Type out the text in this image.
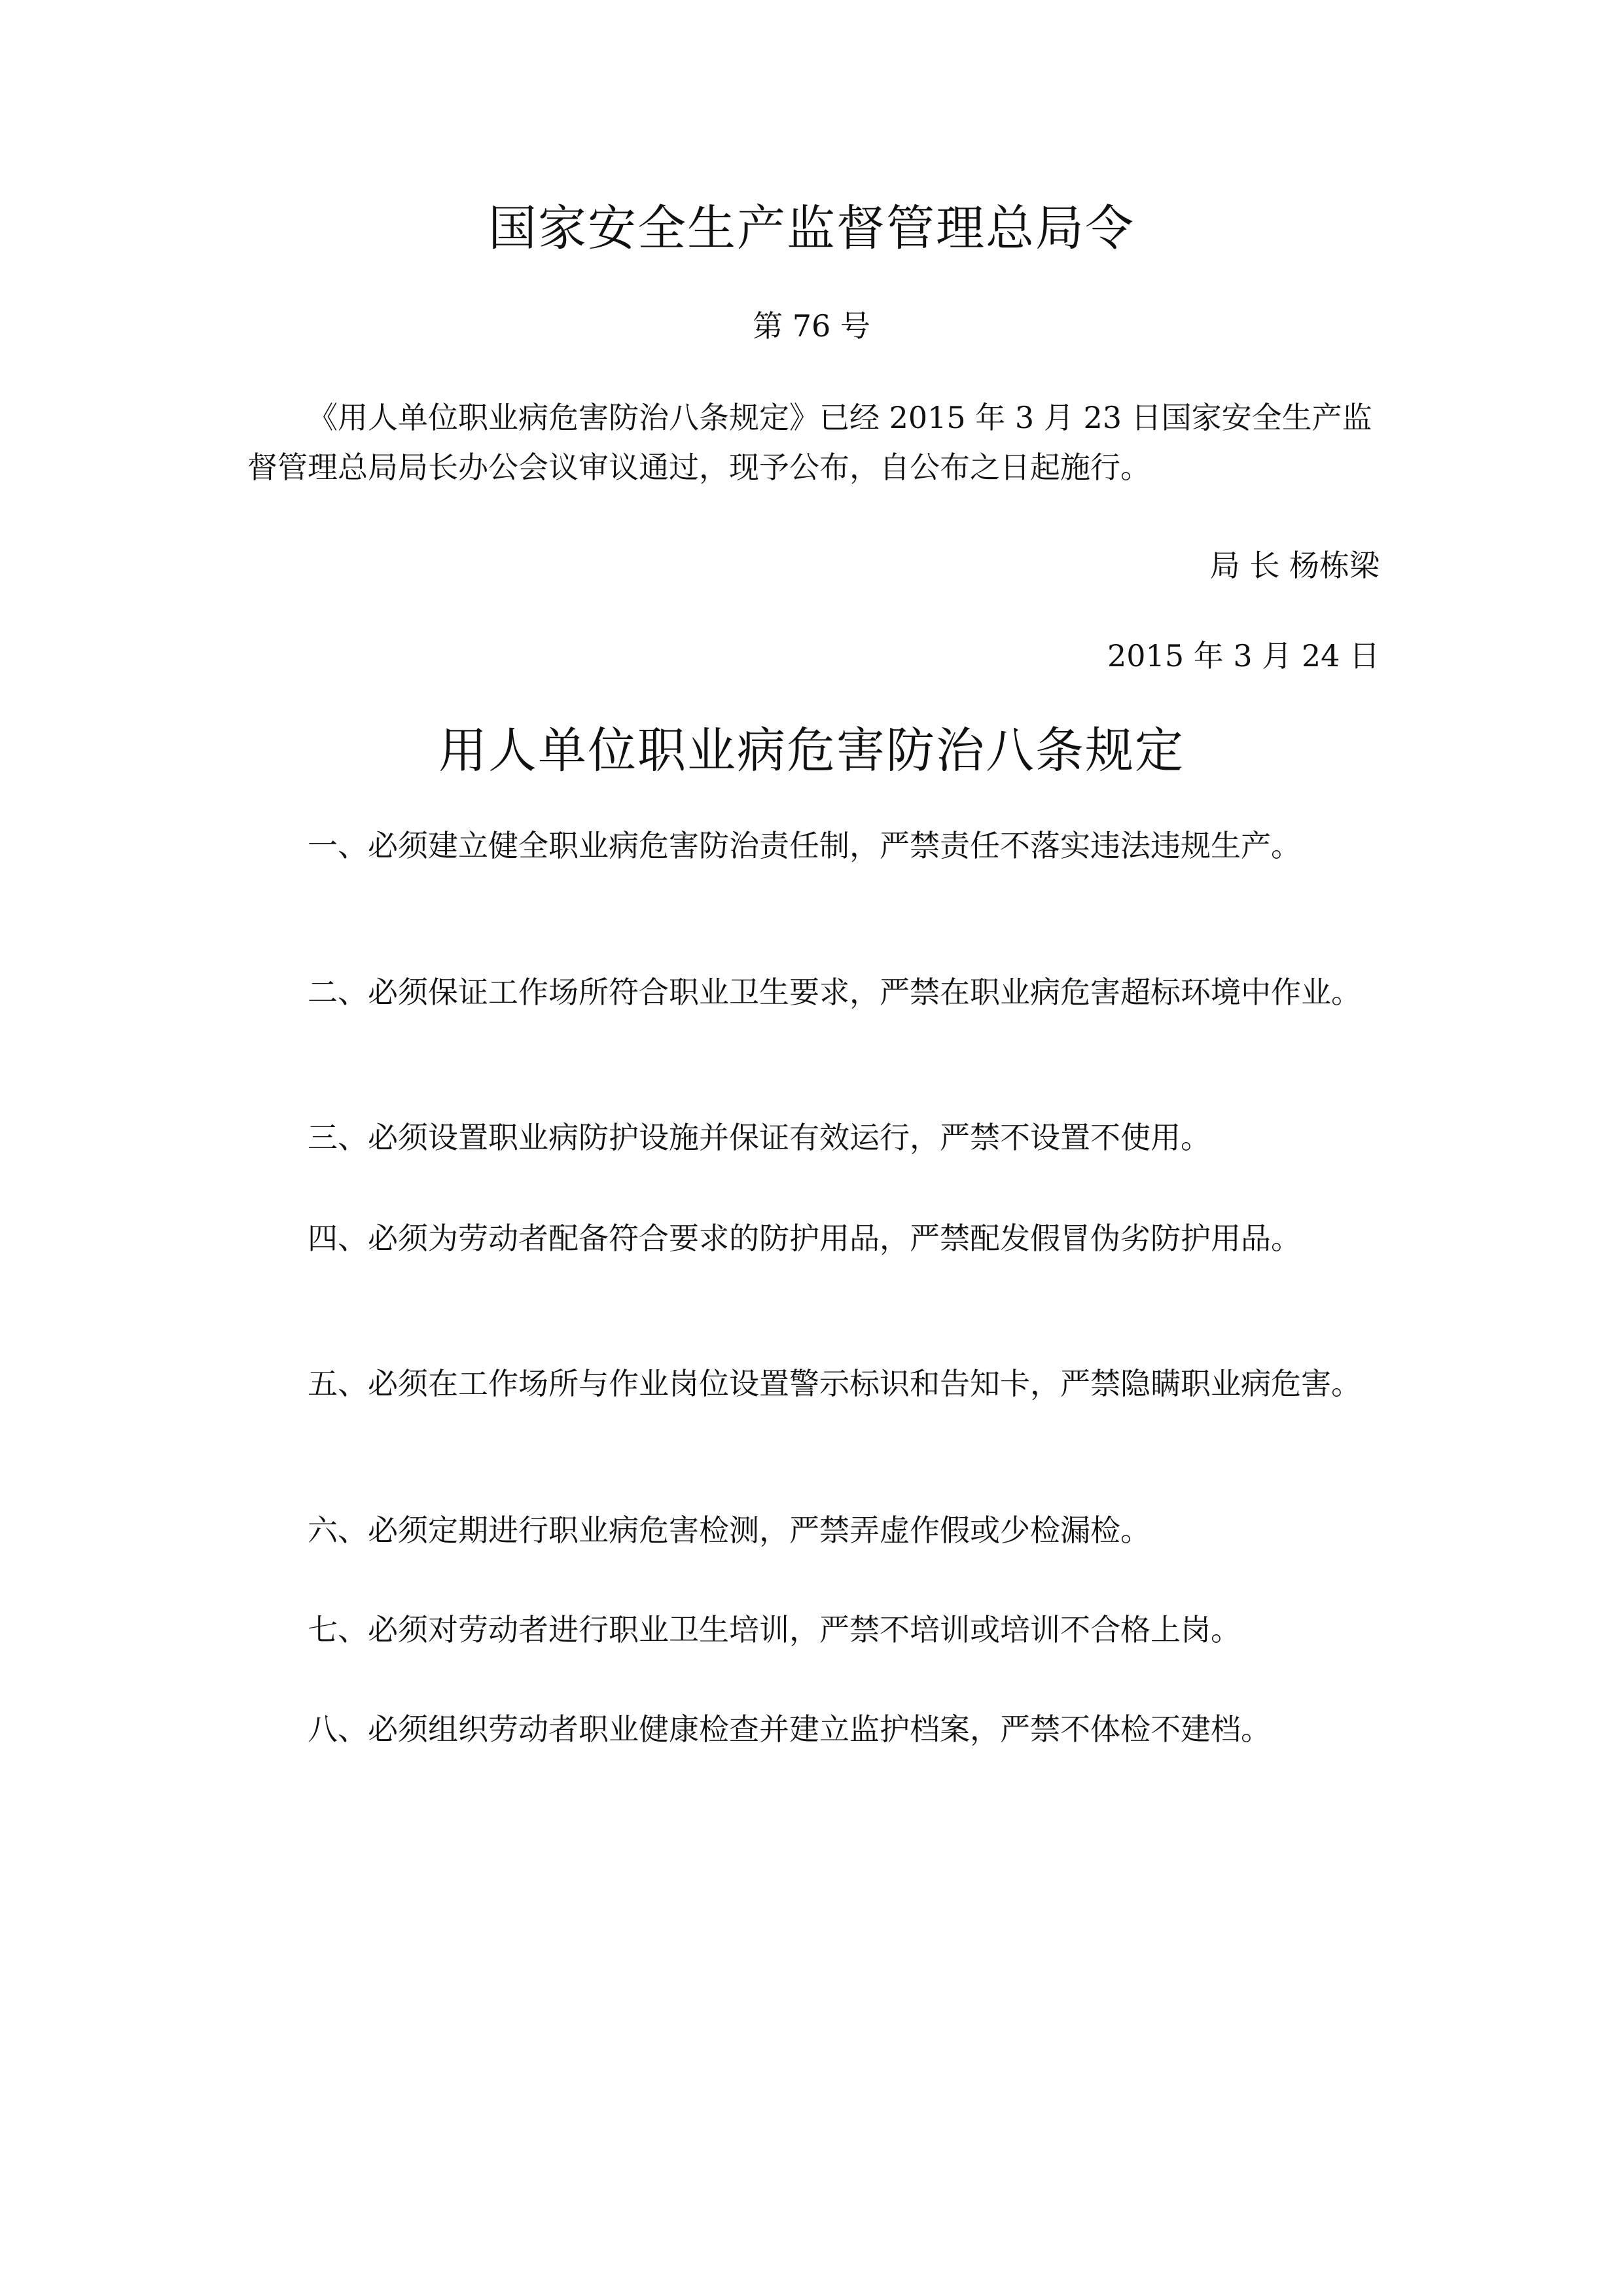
国家安全生产监督管理总局令
第 76 号

《用人单位职业病危害防治八条规定》已经 2015 年 3 月 23 日国家安全生产监督管理总局局长办公会议审议通过，现予公布，自公布之日起施行。

局 长 杨栋梁
2015 年 3 月 24 日
用人单位职业病危害防治八条规定

一、必须建立健全职业病危害防治责任制，严禁责任不落实违法违规生产。

二、必须保证工作场所符合职业卫生要求，严禁在职业病危害超标环境中作业。

三、必须设置职业病防护设施并保证有效运行，严禁不设置不使用。

四、必须为劳动者配备符合要求的防护用品，严禁配发假冒伪劣防护用品。

五、必须在工作场所与作业岗位设置警示标识和告知卡，严禁隐瞒职业病危害。

六、必须定期进行职业病危害检测，严禁弄虚作假或少检漏检。

七、必须对劳动者进行职业卫生培训，严禁不培训或培训不合格上岗。

八、必须组织劳动者职业健康检查并建立监护档案，严禁不体检不建档。
